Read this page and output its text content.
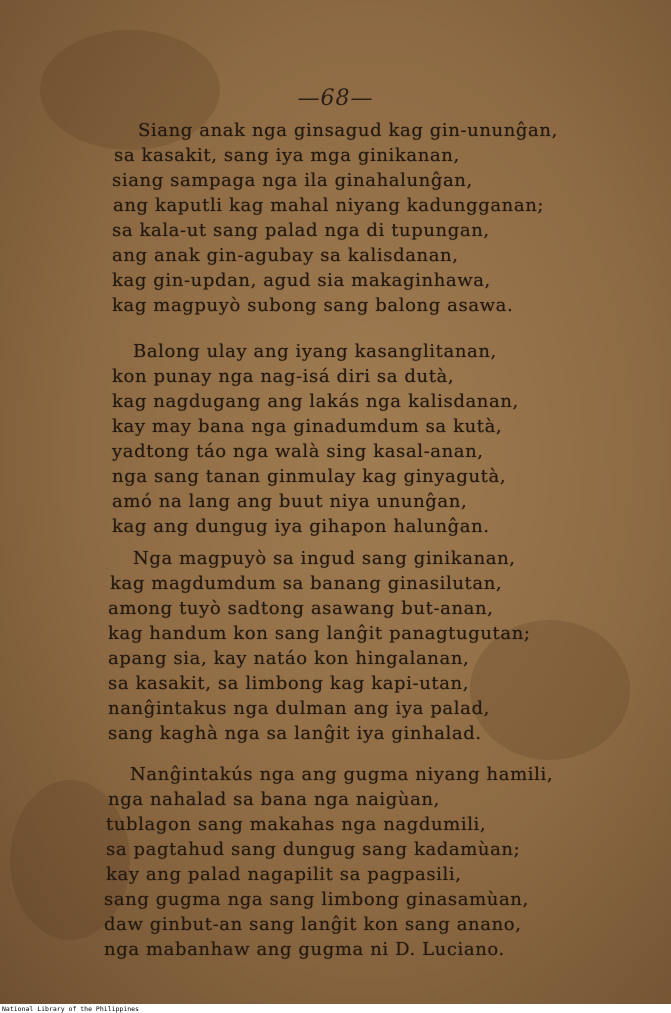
—68—
Siang anak nga ginsagud kag gin-ununĝan,
sa kasakit, sang iya mga ginikanan,
siang sampaga nga ila ginahalunĝan,
ang kaputli kag mahal niyang kadungganan;
sa kala-ut sang palad nga di tupungan,
ang anak gin-agubay sa kalisdanan,
kag gin-updan, agud sia makaginhawa,
kag magpuyò subong sang balong asawa.
Balong ulay ang iyang kasanglitanan,
kon punay nga nag-isá diri sa dutà,
kag nagdugang ang lakás nga kalisdanan,
kay may bana nga ginadumdum sa kutà,
yadtong táo nga walà sing kasal-anan,
nga sang tanan ginmulay kag ginyagutà,
amó na lang ang buut niya ununĝan,
kag ang dungug iya gihapon halunĝan.
Nga magpuyò sa ingud sang ginikanan,
kag magdumdum sa banang ginasilutan,
among tuyò sadtong asawang but-anan,
kag handum kon sang lanĝit panagtugutan;
apang sia, kay natáo kon hingalanan,
sa kasakit, sa limbong kag kapi-utan,
nanĝintakus nga dulman ang iya palad,
sang kaghà nga sa lanĝit iya ginhalad.
Nanĝintakús nga ang gugma niyang hamili,
nga nahalad sa bana nga naigùan,
tublagon sang makahas nga nagdumili,
sa pagtahud sang dungug sang kadamùan;
kay ang palad nagapilit sa pagpasili,
sang gugma nga sang limbong ginasamùan,
daw ginbut-an sang lanĝit kon sang anano,
nga mabanhaw ang gugma ni D. Luciano.
National Library of the Philippines
